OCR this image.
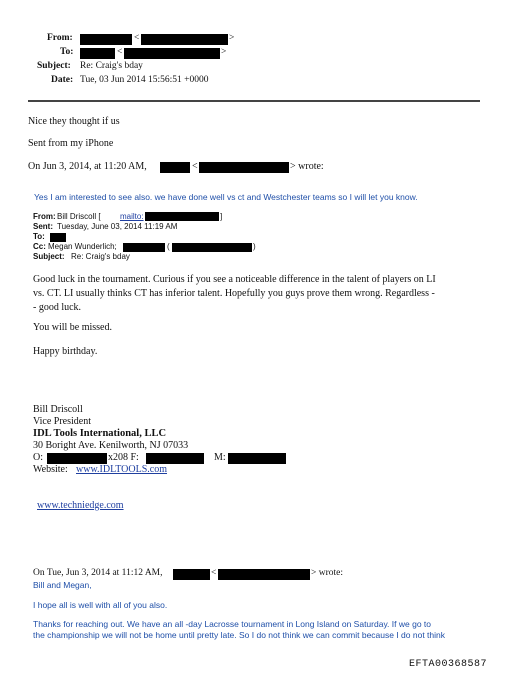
From:	<	>
To:	<	>
Subject: Re: Craig's bday
Date: Tue, 03 Jun 2014 15:56:51 +0000
Nice they thought if us
Sent from my iPhone
On Jun 3, 2014, at 11:20 AM,	<	> wrote:
Yes I am interested to see also. we have done well vs ct and Westchester teams so I will let you know.
From: Bill Driscoll [ mailto:	]
Sent: Tuesday, June 03, 2014 11:19 AM
To:
Cc: Megan Wunderlich;	(	)
Subject: Re: Craig's bday
Good luck in the tournament. Curious if you see a noticeable difference in the talent of players on LI
vs. CT. LI usually thinks CT has inferior talent. Hopefully you guys prove them wrong. Regardless -
- good luck.
You will be missed.
Happy birthday.
Bill Driscoll
Vice President
IDL Tools International, LLC
30 Boright Ave. Kenilworth, NJ 07033
O:	x208 F:	M:
Website: www.IDLTOOLS.com
www.techniedge.com
On Tue, Jun 3, 2014 at 11:12 AM,	<	> wrote:
Bill and Megan,
I hope all is well with all of you also.
Thanks for reaching out. We have an all -day Lacrosse tournament in Long Island on Saturday. If we go to
the championship we will not be home until pretty late. So I do not think we can commit because I do not think
EFTA00368587
